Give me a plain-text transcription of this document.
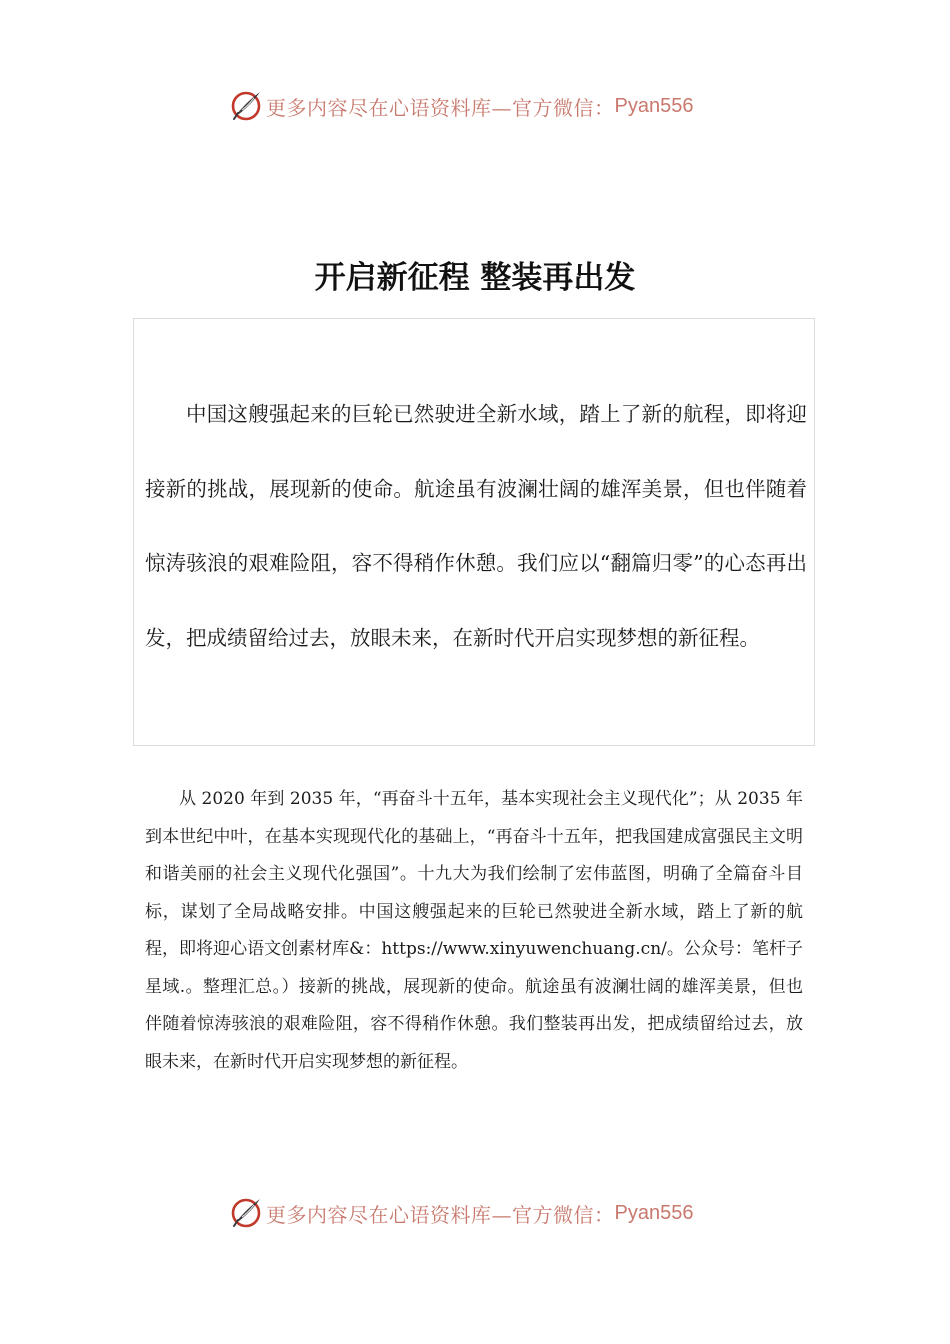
更多内容尽在心语资料库—官方微信： Pyan556
开启新征程 整装再出发

中国这艘强起来的巨轮已然驶进全新水域，踏上了新的航程，即将迎接新的挑战，展现新的使命。航途虽有波澜壮阔的雄浑美景，但也伴随着惊涛骇浪的艰难险阻，容不得稍作休憩。我们应以“翻篇归零”的心态再出发，把成绩留给过去，放眼未来，在新时代开启实现梦想的新征程。

从 2020 年到 2035 年，“再奋斗十五年，基本实现社会主义现代化”；从 2035 年到本世纪中叶，在基本实现现代化的基础上，“再奋斗十五年，把我国建成富强民主文明和谐美丽的社会主义现代化强国”。十九大为我们绘制了宏伟蓝图，明确了全篇奋斗目标，谋划了全局战略安排。中国这艘强起来的巨轮已然驶进全新水域，踏上了新的航程，即将迎心语文创素材库&：https://www.xinyuwenchuang.cn/。公众号：笔杆子星域.。整理汇总。）接新的挑战，展现新的使命。航途虽有波澜壮阔的雄浑美景，但也伴随着惊涛骇浪的艰难险阻，容不得稍作休憩。我们整装再出发，把成绩留给过去，放眼未来，在新时代开启实现梦想的新征程。

更多内容尽在心语资料库—官方微信： Pyan556
